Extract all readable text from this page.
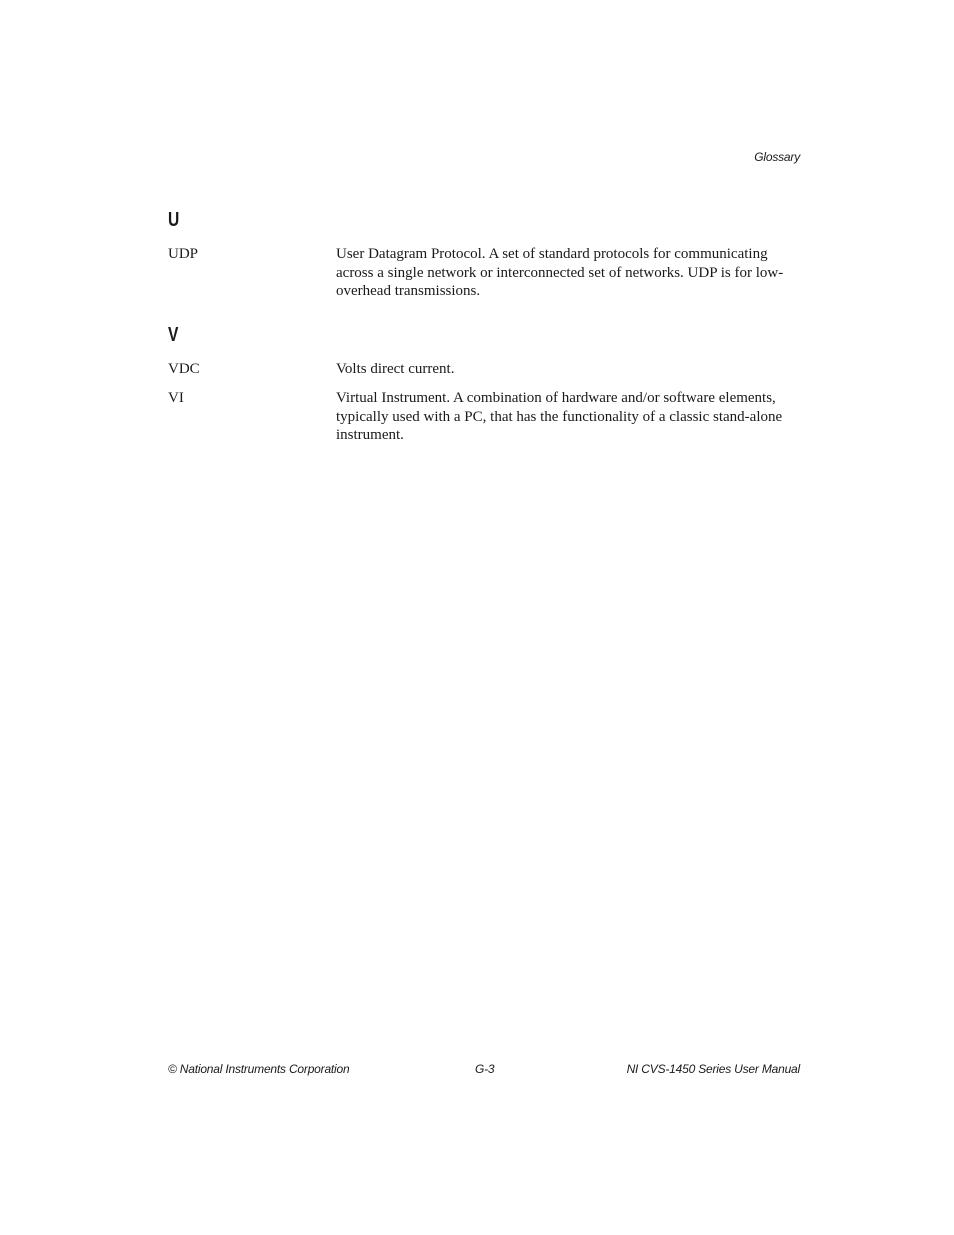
Glossary
U
UDP	User Datagram Protocol. A set of standard protocols for communicating across a single network or interconnected set of networks. UDP is for low-overhead transmissions.
V
VDC	Volts direct current.
VI	Virtual Instrument. A combination of hardware and/or software elements, typically used with a PC, that has the functionality of a classic stand-alone instrument.
© National Instruments Corporation	G-3	NI CVS-1450 Series User Manual
